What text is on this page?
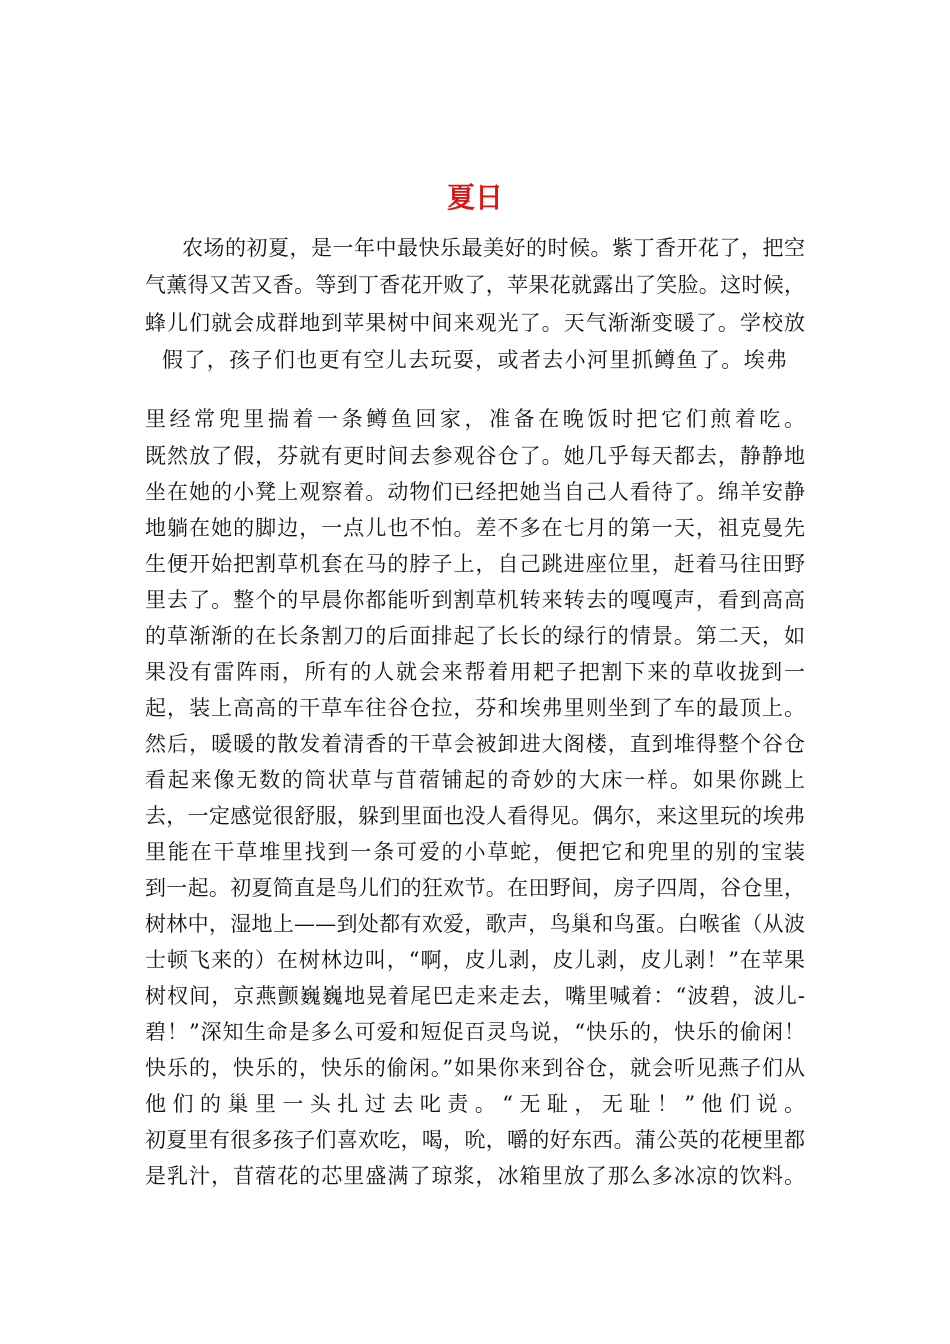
夏日
农场的初夏，是一年中最快乐最美好的时候。紫丁香开花了，把空
气薰得又苦又香。等到丁香花开败了，苹果花就露出了笑脸。这时候，
蜂儿们就会成群地到苹果树中间来观光了。天气渐渐变暖了。学校放
假了，孩子们也更有空儿去玩耍，或者去小河里抓鳟鱼了。埃弗
里经常兜里揣着一条鳟鱼回家，准备在晚饭时把它们煎着吃。
既然放了假，芬就有更时间去参观谷仓了。她几乎每天都去，静静地
坐在她的小凳上观察着。动物们已经把她当自己人看待了。绵羊安静
地躺在她的脚边，一点儿也不怕。差不多在七月的第一天，祖克曼先
生便开始把割草机套在马的脖子上，自己跳进座位里，赶着马往田野
里去了。整个的早晨你都能听到割草机转来转去的嘎嘎声，看到高高
的草渐渐的在长条割刀的后面排起了长长的绿行的情景。第二天，如
果没有雷阵雨，所有的人就会来帮着用耙子把割下来的草收拢到一
起，装上高高的干草车往谷仓拉，芬和埃弗里则坐到了车的最顶上。
然后，暖暖的散发着清香的干草会被卸进大阁楼，直到堆得整个谷仓
看起来像无数的筒状草与苜蓿铺起的奇妙的大床一样。如果你跳上
去，一定感觉很舒服，躲到里面也没人看得见。偶尔，来这里玩的埃弗
里能在干草堆里找到一条可爱的小草蛇，便把它和兜里的别的宝装
到一起。初夏简直是鸟儿们的狂欢节。在田野间，房子四周，谷仓里，
树林中，湿地上——到处都有欢爱，歌声，鸟巢和鸟蛋。白喉雀（从波
士顿飞来的）在树林边叫，“啊，皮儿剥，皮儿剥，皮儿剥！”在苹果
树杈间，京燕颤巍巍地晃着尾巴走来走去，嘴里喊着：“波碧，波儿-
碧！”深知生命是多么可爱和短促百灵鸟说，“快乐的，快乐的偷闲！
快乐的，快乐的，快乐的偷闲。”如果你来到谷仓，就会听见燕子们从
他们的巢里一头扎过去叱责。“无耻，无耻！”他们说。
初夏里有很多孩子们喜欢吃，喝，吮，嚼的好东西。蒲公英的花梗里都
是乳汁，苜蓿花的芯里盛满了琼浆，冰箱里放了那么多冰凉的饮料。
